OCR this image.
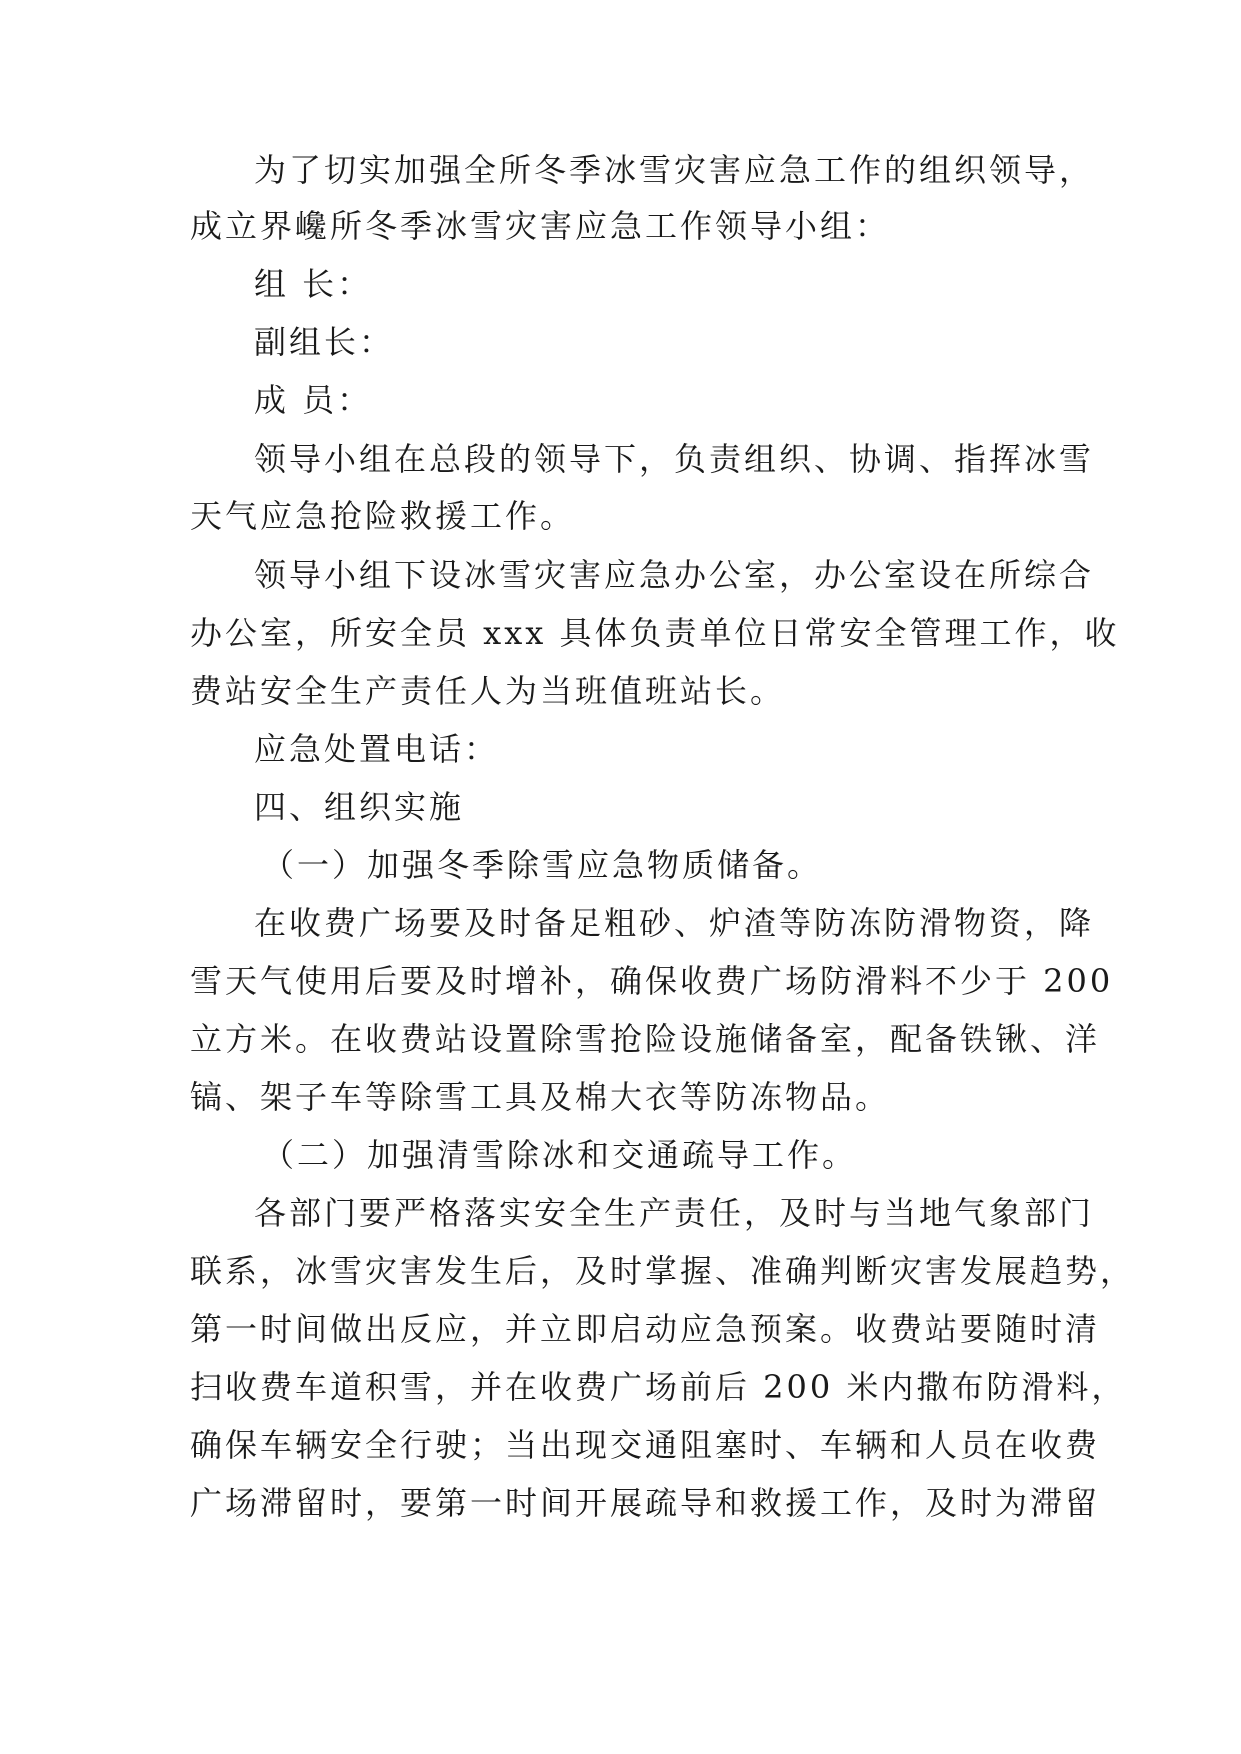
为了切实加强全所冬季冰雪灾害应急工作的组织领导，
成立界巉所冬季冰雪灾害应急工作领导小组：
组 长：
副组长：
成 员：
领导小组在总段的领导下，负责组织、协调、指挥冰雪
天气应急抢险救援工作。
领导小组下设冰雪灾害应急办公室，办公室设在所综合
办公室，所安全员 xxx 具体负责单位日常安全管理工作，收
费站安全生产责任人为当班值班站长。
应急处置电话：
四、组织实施
（一）加强冬季除雪应急物质储备。
在收费广场要及时备足粗砂、炉渣等防冻防滑物资，降
雪天气使用后要及时增补，确保收费广场防滑料不少于 200
立方米。在收费站设置除雪抢险设施储备室，配备铁锹、洋
镐、架子车等除雪工具及棉大衣等防冻物品。
（二）加强清雪除冰和交通疏导工作。
各部门要严格落实安全生产责任，及时与当地气象部门
联系，冰雪灾害发生后，及时掌握、准确判断灾害发展趋势，
第一时间做出反应，并立即启动应急预案。收费站要随时清
扫收费车道积雪，并在收费广场前后 200 米内撒布防滑料，
确保车辆安全行驶；当出现交通阻塞时、车辆和人员在收费
广场滞留时，要第一时间开展疏导和救援工作，及时为滞留
